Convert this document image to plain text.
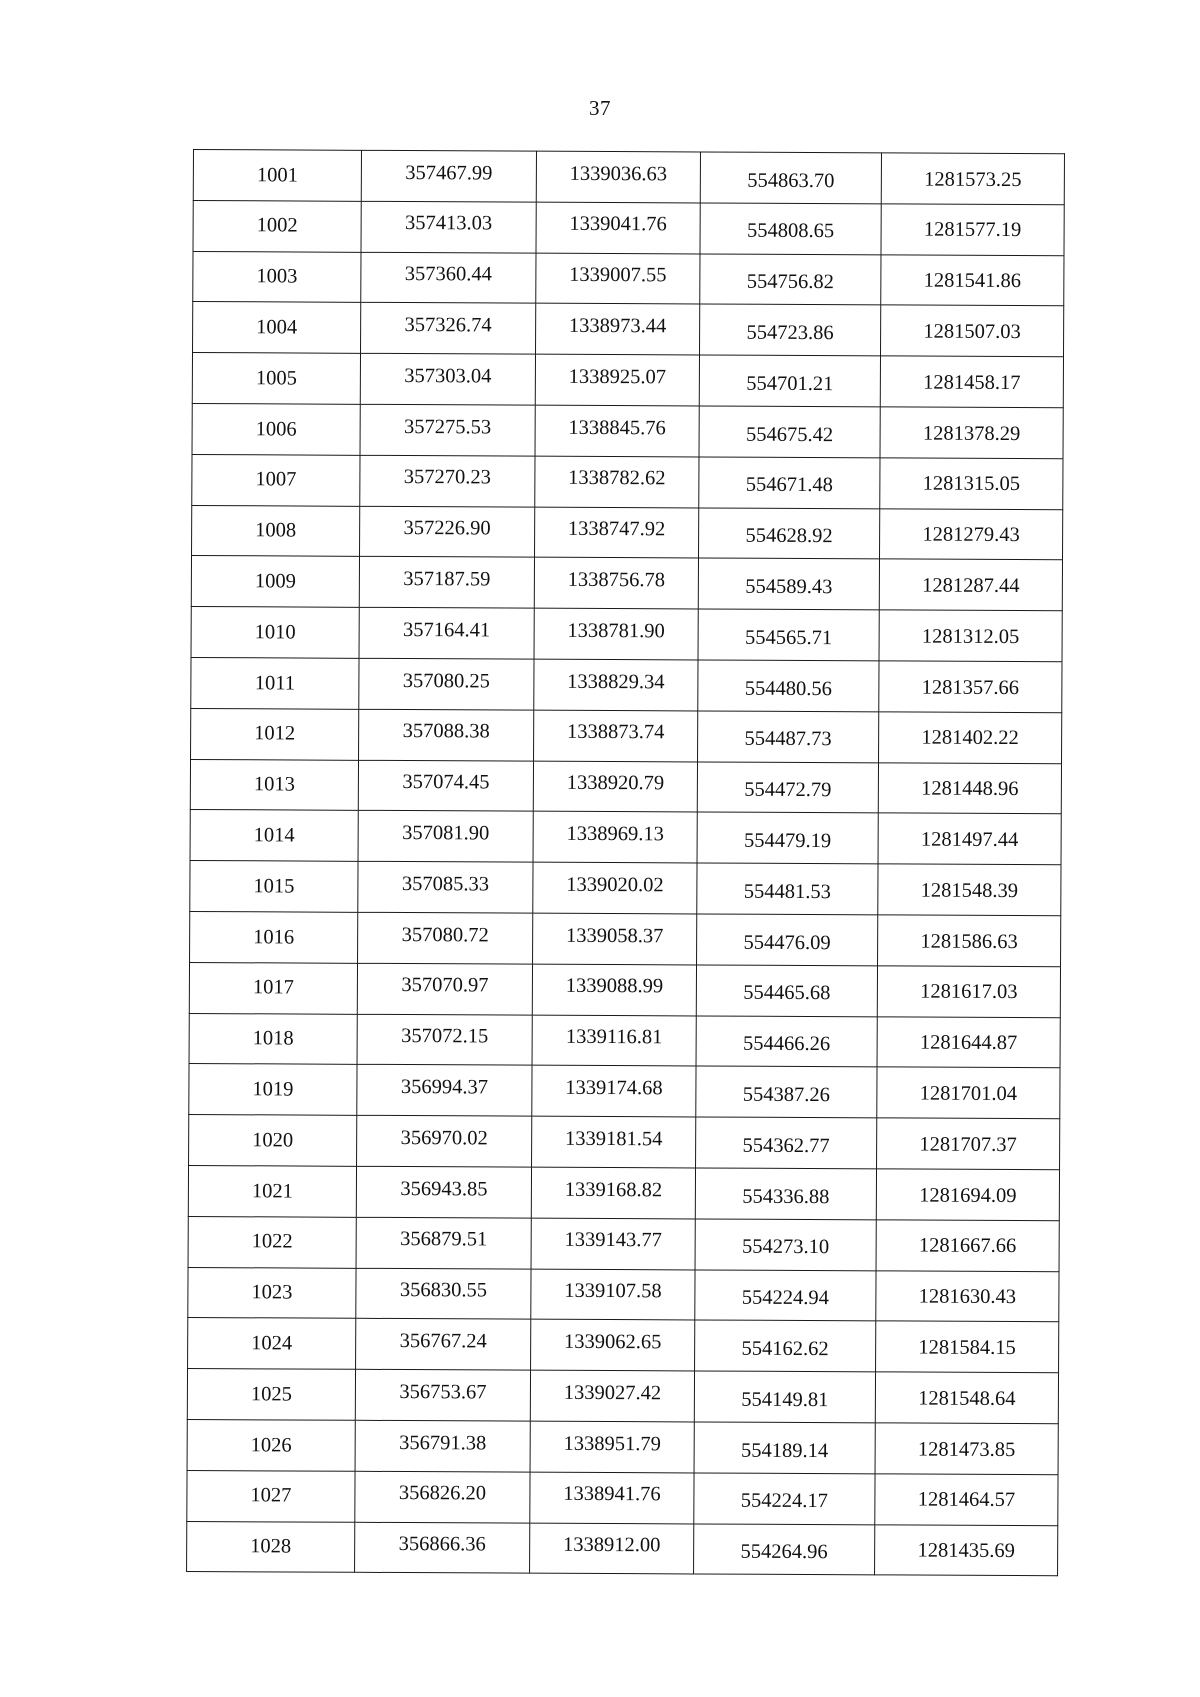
37
1001	357467.99	1339036.63	554863.70	1281573.25
1002	357413.03	1339041.76	554808.65	1281577.19
1003	357360.44	1339007.55	554756.82	1281541.86
1004	357326.74	1338973.44	554723.86	1281507.03
1005	357303.04	1338925.07	554701.21	1281458.17
1006	357275.53	1338845.76	554675.42	1281378.29
1007	357270.23	1338782.62	554671.48	1281315.05
1008	357226.90	1338747.92	554628.92	1281279.43
1009	357187.59	1338756.78	554589.43	1281287.44
1010	357164.41	1338781.90	554565.71	1281312.05
1011	357080.25	1338829.34	554480.56	1281357.66
1012	357088.38	1338873.74	554487.73	1281402.22
1013	357074.45	1338920.79	554472.79	1281448.96
1014	357081.90	1338969.13	554479.19	1281497.44
1015	357085.33	1339020.02	554481.53	1281548.39
1016	357080.72	1339058.37	554476.09	1281586.63
1017	357070.97	1339088.99	554465.68	1281617.03
1018	357072.15	1339116.81	554466.26	1281644.87
1019	356994.37	1339174.68	554387.26	1281701.04
1020	356970.02	1339181.54	554362.77	1281707.37
1021	356943.85	1339168.82	554336.88	1281694.09
1022	356879.51	1339143.77	554273.10	1281667.66
1023	356830.55	1339107.58	554224.94	1281630.43
1024	356767.24	1339062.65	554162.62	1281584.15
1025	356753.67	1339027.42	554149.81	1281548.64
1026	356791.38	1338951.79	554189.14	1281473.85
1027	356826.20	1338941.76	554224.17	1281464.57
1028	356866.36	1338912.00	554264.96	1281435.69
